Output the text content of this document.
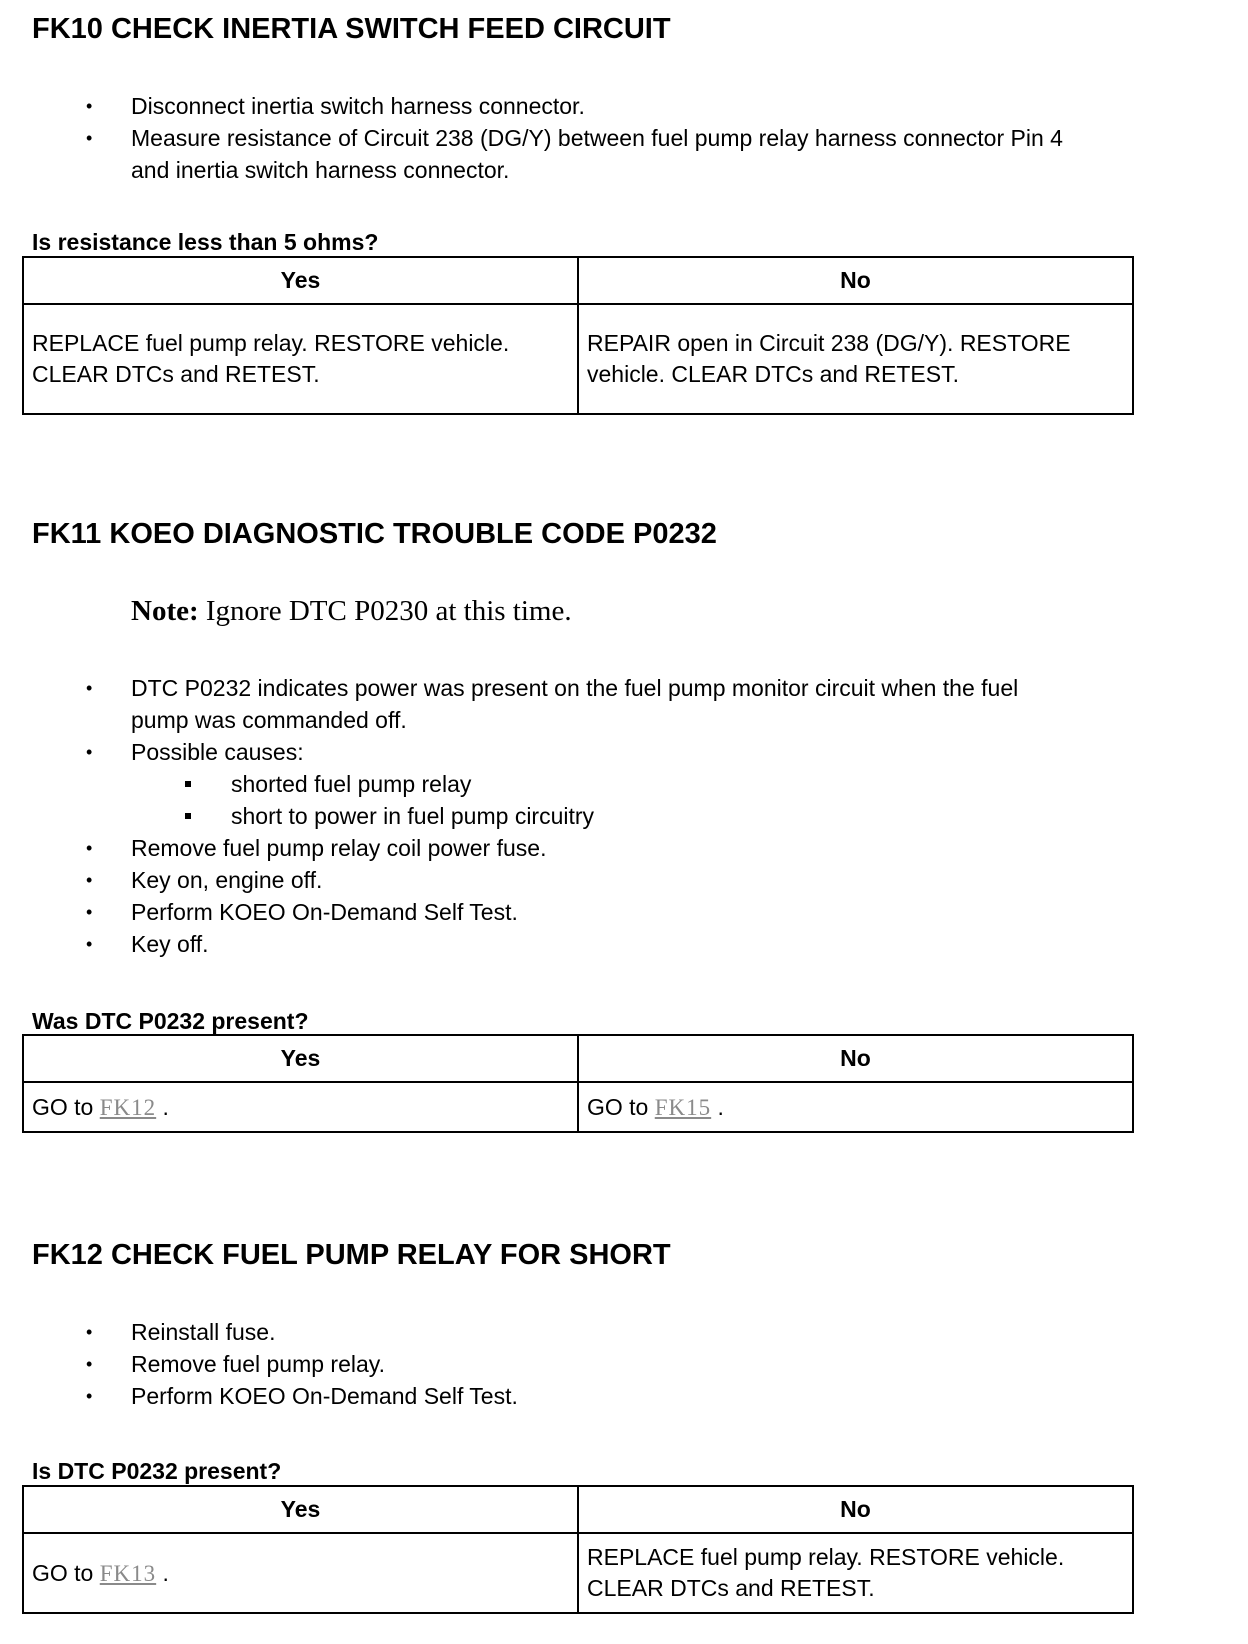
FK10 CHECK INERTIA SWITCH FEED CIRCUIT
• Disconnect inertia switch harness connector.
• Measure resistance of Circuit 238 (DG/Y) between fuel pump relay harness connector Pin 4 and inertia switch harness connector.

Is resistance less than 5 ohms?

Yes	No
REPLACE fuel pump relay. RESTORE vehicle. CLEAR DTCs and RETEST.	REPAIR open in Circuit 238 (DG/Y). RESTORE vehicle. CLEAR DTCs and RETEST.
FK11 KOEO DIAGNOSTIC TROUBLE CODE P0232

Note: Ignore DTC P0230 at this time.

• DTC P0232 indicates power was present on the fuel pump monitor circuit when the fuel pump was commanded off.
• Possible causes:
shorted fuel pump relay
short to power in fuel pump circuitry
• Remove fuel pump relay coil power fuse.
• Key on, engine off.
• Perform KOEO On-Demand Self Test.
• Key off.

Was DTC P0232 present?

Yes	No
GO to FK12 .	GO to FK15 .
FK12 CHECK FUEL PUMP RELAY FOR SHORT
• Reinstall fuse.
• Remove fuel pump relay.
• Perform KOEO On-Demand Self Test.

Is DTC P0232 present?

Yes	No
GO to FK13 .	REPLACE fuel pump relay. RESTORE vehicle. CLEAR DTCs and RETEST.
